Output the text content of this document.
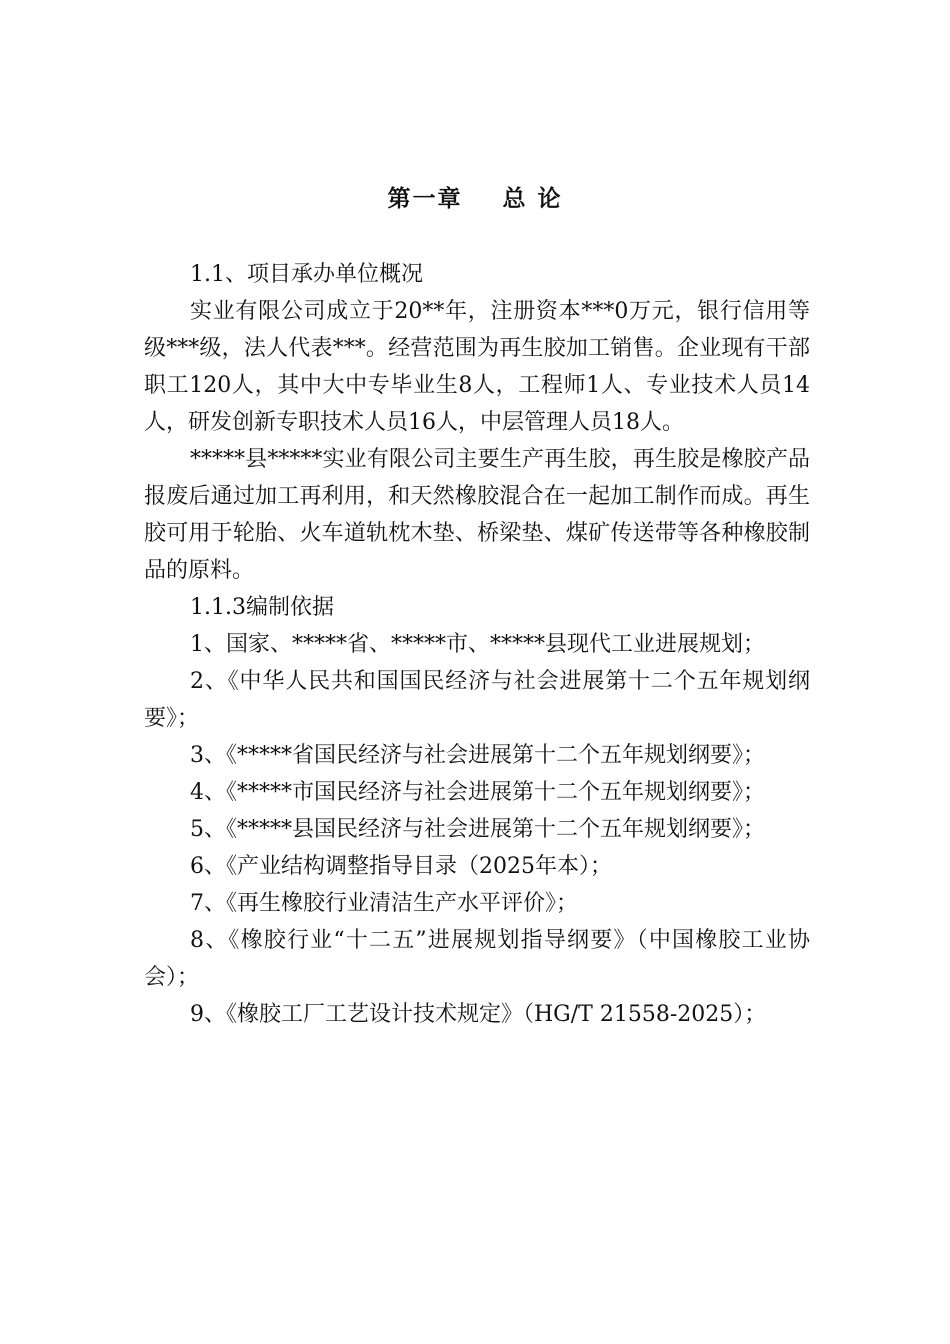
第一章    总 论

1.1、项目承办单位概况

实业有限公司成立于20**年，注册资本***0万元，银行信用等级***级，法人代表***。经营范围为再生胶加工销售。企业现有干部职工120人，其中大中专毕业生8人，工程师1人、专业技术人员14人，研发创新专职技术人员16人，中层管理人员18人。

*****县*****实业有限公司主要生产再生胶，再生胶是橡胶产品报废后通过加工再利用，和天然橡胶混合在一起加工制作而成。再生胶可用于轮胎、火车道轨枕木垫、桥梁垫、煤矿传送带等各种橡胶制品的原料。

1.1.3编制依据

1、国家、*****省、*****市、*****县现代工业进展规划；

2、《中华人民共和国国民经济与社会进展第十二个五年规划纲要》；

3、《*****省国民经济与社会进展第十二个五年规划纲要》；

4、《*****市国民经济与社会进展第十二个五年规划纲要》；

5、《*****县国民经济与社会进展第十二个五年规划纲要》；

6、《产业结构调整指导目录（2025年本）；

7、《再生橡胶行业清洁生产水平评价》；

8、《橡胶行业“十二五”进展规划指导纲要》（中国橡胶工业协会）；

9、《橡胶工厂工艺设计技术规定》（HG/T 21558-2025）；
